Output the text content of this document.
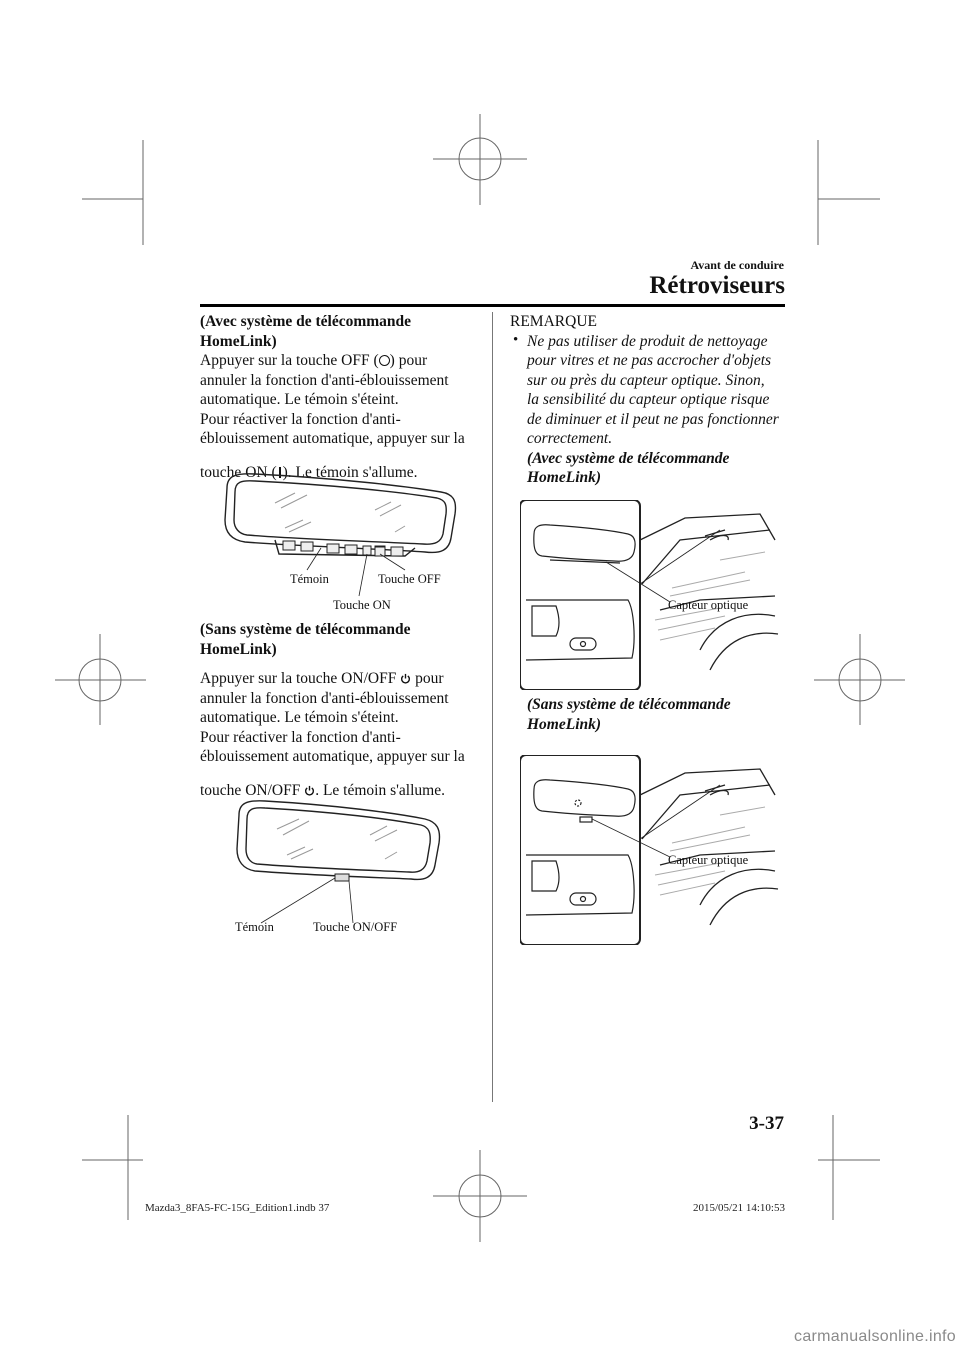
Avant de conduire
Rétroviseurs

(Avec système de télécommande

HomeLink)

Appuyer sur la touche OFF ( ) pour

annuler la fonction d'anti-éblouissement

automatique. Le témoin s'éteint.

Pour réactiver la fonction d'anti-

éblouissement automatique, appuyer sur la

touche ON ( ). Le témoin s'allume.

Témoin	Touche OFF
Touche ON

(Sans système de télécommande

HomeLink)

Appuyer sur la touche ON/OFF pour

annuler la fonction d'anti-éblouissement

automatique. Le témoin s'éteint.

Pour réactiver la fonction d'anti-

éblouissement automatique, appuyer sur la

touche ON/OFF . Le témoin s'allume.

Témoin	Touche ON/OFF

REMARQUE

• Ne pas utiliser de produit de nettoyage

pour vitres et ne pas accrocher d'objets

sur ou près du capteur optique. Sinon,

la sensibilité du capteur optique risque

de diminuer et il peut ne pas fonctionner

correctement.

(Avec système de télécommande

HomeLink)

Capteur optique

(Sans système de télécommande

HomeLink)

Capteur optique
3-37
Mazda3_8FA5-FC-15G_Edition1.indb 37	2015/05/21 14:10:53
carmanualsonline.info
